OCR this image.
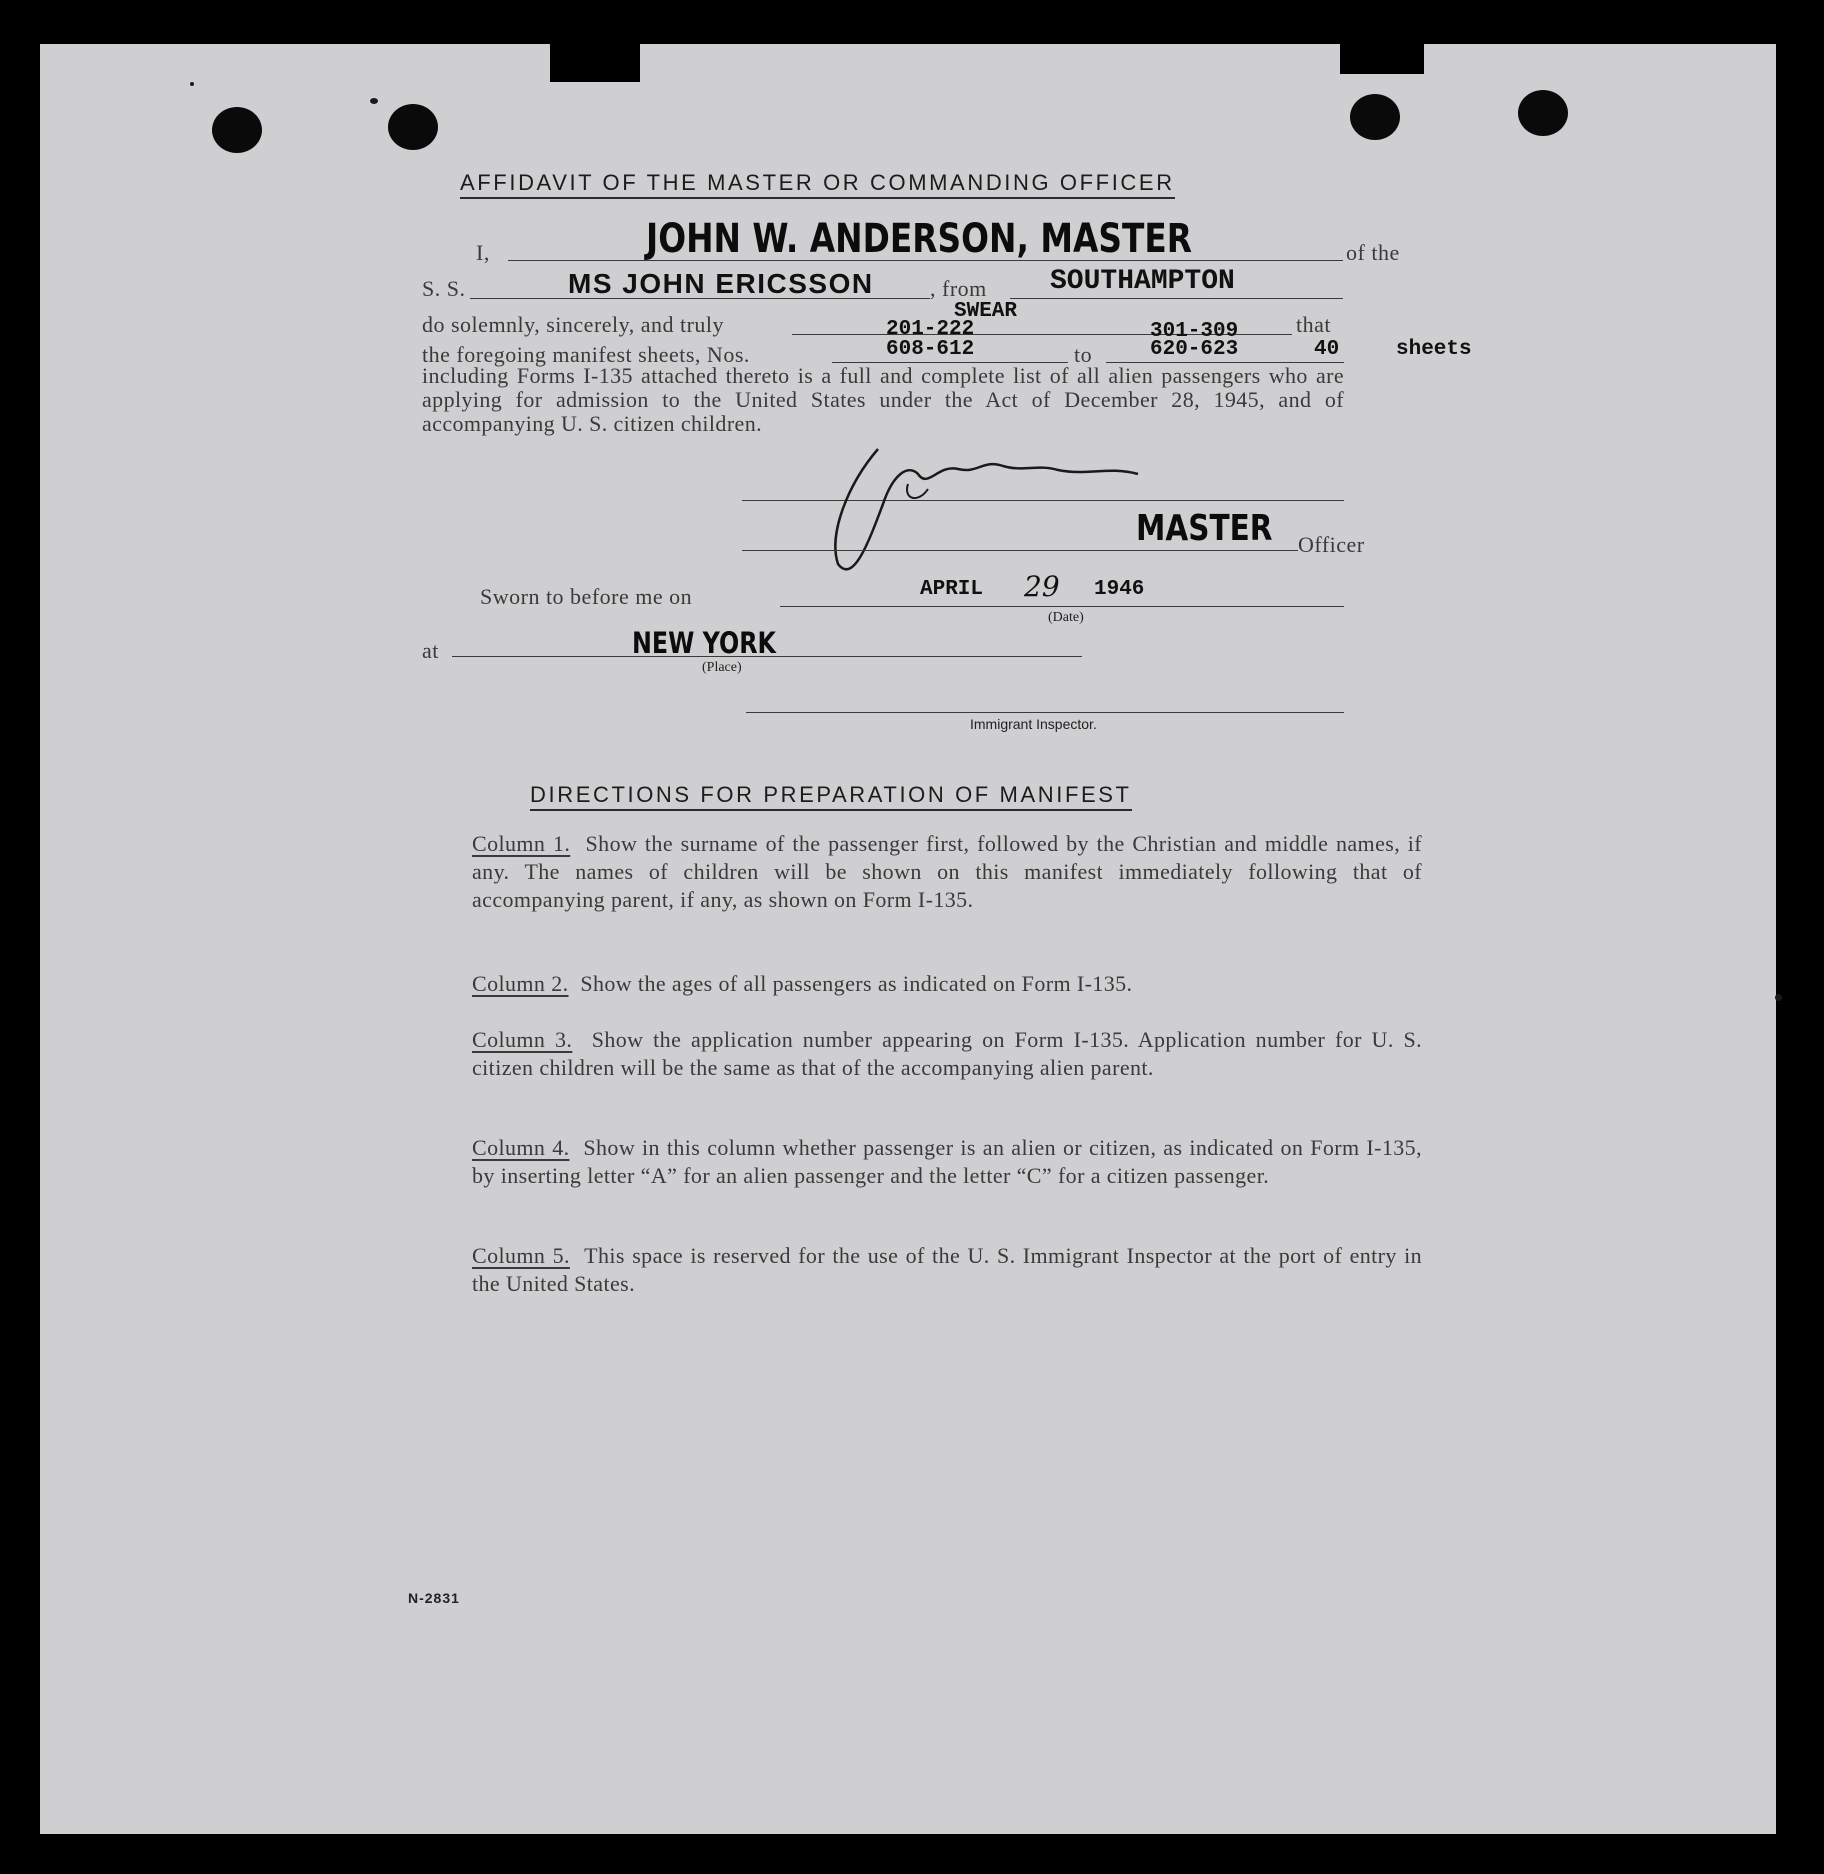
AFFIDAVIT OF THE MASTER OR COMMANDING OFFICER
I,	JOHN W. ANDERSON, MASTER	of the
S. S.	MS JOHN ERICSSON	, from SOUTHAMPTON
do solemnly, sincerely, and truly
SWEAR
that
the foregoing manifest sheets, Nos.
201-222
608-612	to
301-309
620-623	40	sheets
including Forms I-135 attached thereto is a full and complete list of all alien passengers who are applying for admission to the United States under the Act of December 28, 1945, and of accompanying U. S. citizen children.
MASTER Officer
Sworn to before me on	APRIL 29 1946
(Date)
at	NEW YORK
(Place)
Immigrant Inspector.
DIRECTIONS FOR PREPARATION OF MANIFEST
Column 1. Show the surname of the passenger first, followed by the Christian and middle names, if any. The names of children will be shown on this manifest immediately following that of accompanying parent, if any, as shown on Form I-135.
Column 2. Show the ages of all passengers as indicated on Form I-135.
Column 3. Show the application number appearing on Form I-135. Application number for U. S. citizen children will be the same as that of the accompanying alien parent.
Column 4. Show in this column whether passenger is an alien or citizen, as indicated on Form I-135, by inserting letter “A” for an alien passenger and the letter “C” for a citizen passenger.
Column 5. This space is reserved for the use of the U. S. Immigrant Inspector at the port of entry in the United States.
N-2831
